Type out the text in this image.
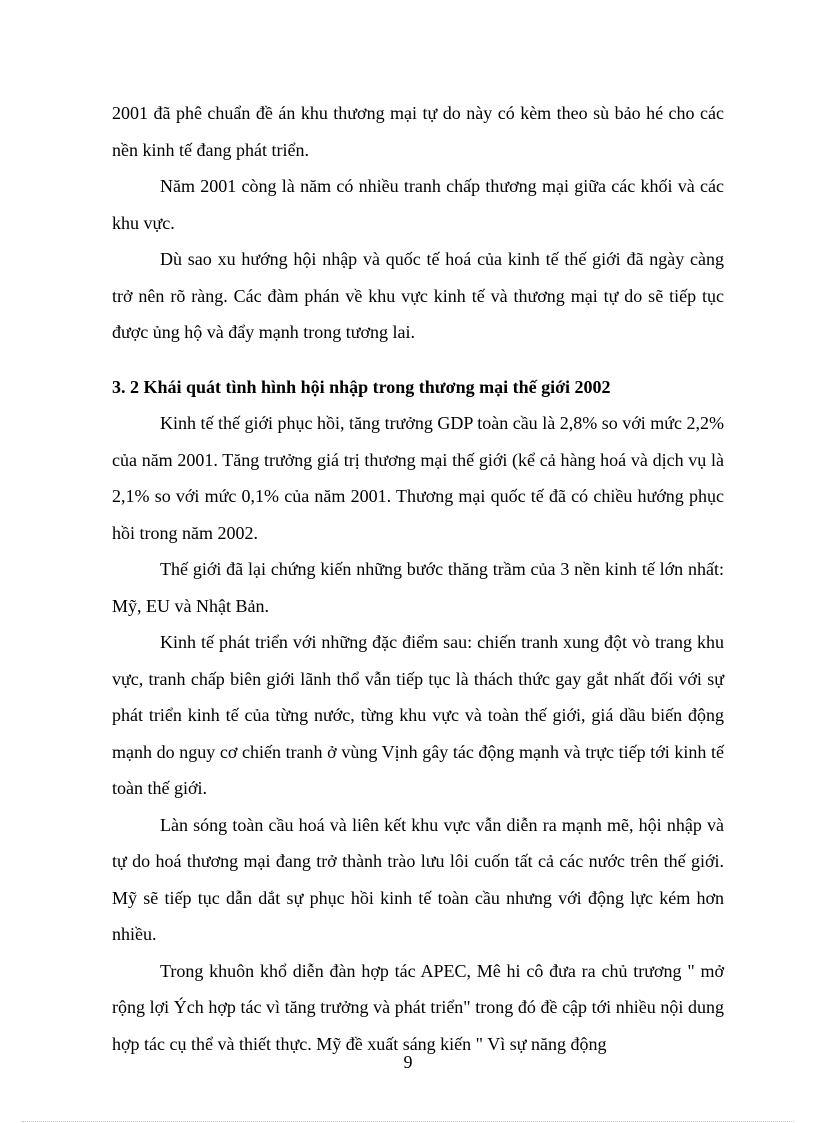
2001 đã phê chuẩn đề án khu thương mại tự do này có kèm theo sù bảo hé cho các nền kinh tế đang phát triển.

Năm 2001 còng là năm có nhiều tranh chấp thương mại giữa các khối và các khu vực.

Dù sao xu hướng hội nhập và quốc tế hoá của kinh tế thế giới đã ngày càng trở nên rõ ràng. Các đàm phán về khu vực kinh tế và thương mại tự do sẽ tiếp tục được ủng hộ và đẩy mạnh trong tương lai.

3. 2 Khái quát tình hình hội nhập trong thương mại thế giới 2002

Kinh tế thế giới phục hồi, tăng trưởng GDP toàn cầu là 2,8% so với mức 2,2% của năm 2001. Tăng trưởng giá trị thương mại thế giới (kể cả hàng hoá và dịch vụ là 2,1% so với mức 0,1% của năm 2001. Thương mại quốc tế đã có chiều hướng phục hồi trong năm 2002.

Thế giới đã lại chứng kiến những bước thăng trầm của 3 nền kinh tế lớn nhất: Mỹ, EU và Nhật Bản.

Kinh tế phát triển với những đặc điểm sau: chiến tranh xung đột vò trang khu vực, tranh chấp biên giới lãnh thổ vẫn tiếp tục là thách thức gay gắt nhất đối với sự phát triển kinh tế của từng nước, từng khu vực và toàn thế giới, giá dầu biến động mạnh do nguy cơ chiến tranh ở vùng Vịnh gây tác động mạnh và trực tiếp tới kinh tế toàn thế giới.

Làn sóng toàn cầu hoá và liên kết khu vực vẫn diễn ra mạnh mẽ, hội nhập và tự do hoá thương mại đang trở thành trào lưu lôi cuốn tất cả các nước trên thế giới. Mỹ sẽ tiếp tục dẫn dắt sự phục hồi kinh tế toàn cầu nhưng với động lực kém hơn nhiều.

Trong khuôn khổ diễn đàn hợp tác APEC, Mê hi cô đưa ra chủ trương " mở rộng lợi Ých hợp tác vì tăng trưởng và phát triển" trong đó đề cập tới nhiều nội dung hợp tác cụ thể và thiết thực. Mỹ đề xuất sáng kiến " Vì sự năng động

9
